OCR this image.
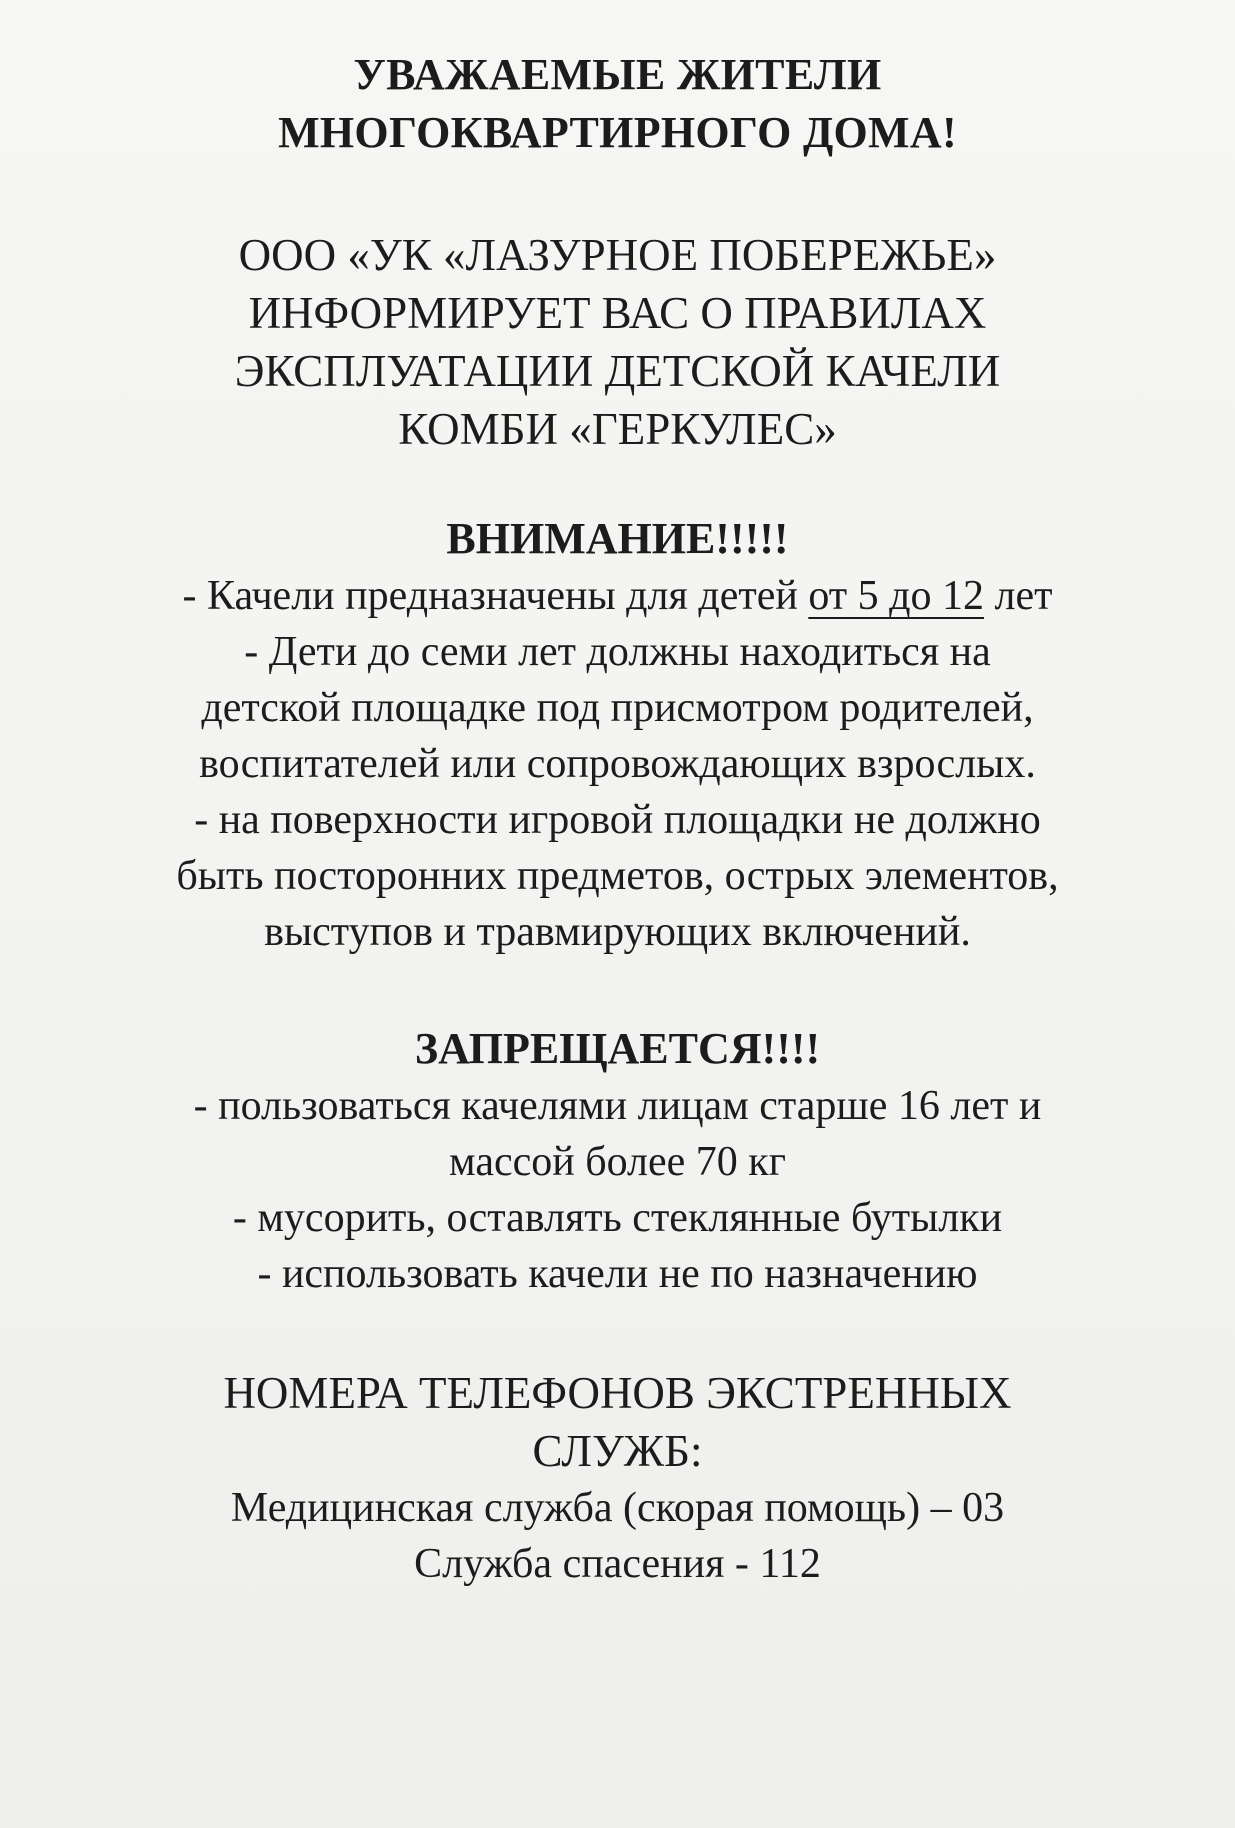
УВАЖАЕМЫЕ ЖИТЕЛИ
МНОГОКВАРТИРНОГО ДОМА!
ООО «УК «ЛАЗУРНОЕ ПОБЕРЕЖЬЕ»
ИНФОРМИРУЕТ ВАС О ПРАВИЛАХ
ЭКСПЛУАТАЦИИ ДЕТСКОЙ КАЧЕЛИ
КОМБИ «ГЕРКУЛЕС»
ВНИМАНИЕ!!!!!
- Качели предназначены для детей от 5 до 12 лет
- Дети до семи лет должны находиться на
детской площадке под присмотром родителей,
воспитателей или сопровождающих взрослых.
- на поверхности игровой площадки не должно
быть посторонних предметов, острых элементов,
выступов и травмирующих включений.
ЗАПРЕЩАЕТСЯ!!!!
- пользоваться качелями лицам старше 16 лет и
массой более 70 кг
- мусорить, оставлять стеклянные бутылки
- использовать качели не по назначению
НОМЕРА ТЕЛЕФОНОВ ЭКСТРЕННЫХ
СЛУЖБ:
Медицинская служба (скорая помощь) – 03
Служба спасения - 112
